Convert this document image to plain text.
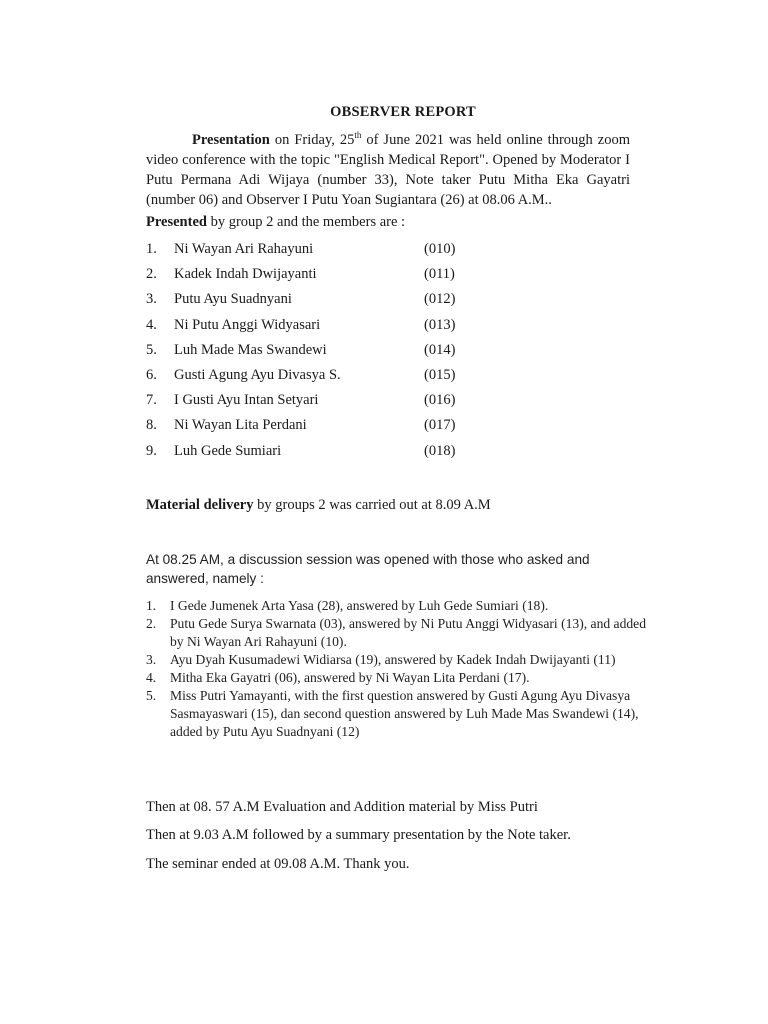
OBSERVER REPORT
Presentation on Friday, 25th of June 2021 was held online through zoom video conference with the topic "English Medical Report". Opened by Moderator I Putu Permana Adi Wijaya (number 33), Note taker Putu Mitha Eka Gayatri (number 06) and Observer I Putu Yoan Sugiantara (26) at 08.06 A.M..
Presented by group 2 and the members are :
1. Ni Wayan Ari Rahayuni	(010)
2. Kadek Indah Dwijayanti	(011)
3. Putu Ayu Suadnyani	(012)
4. Ni Putu Anggi Widyasari	(013)
5. Luh Made Mas Swandewi	(014)
6. Gusti Agung Ayu Divasya S.	(015)
7. I Gusti Ayu Intan Setyari	(016)
8. Ni Wayan Lita Perdani	(017)
9. Luh Gede Sumiari	(018)
Material delivery by groups 2 was carried out at 8.09 A.M
At 08.25 AM, a discussion session was opened with those who asked and answered, namely :
1. I Gede Jumenek Arta Yasa (28), answered by Luh Gede Sumiari (18).
2. Putu Gede Surya Swarnata (03), answered by Ni Putu Anggi Widyasari (13), and added by Ni Wayan Ari Rahayuni (10).
3. Ayu Dyah Kusumadewi Widiarsa (19), answered by Kadek Indah Dwijayanti (11)
4. Mitha Eka Gayatri (06), answered by Ni Wayan Lita Perdani (17).
5. Miss Putri Yamayanti, with the first question answered by Gusti Agung Ayu Divasya Sasmayaswari (15), dan second question answered by Luh Made Mas Swandewi (14), added by Putu Ayu Suadnyani (12)
Then at 08. 57 A.M Evaluation and Addition material by Miss Putri
Then at 9.03 A.M followed by a summary presentation by the Note taker.
The seminar ended at 09.08 A.M. Thank you.
